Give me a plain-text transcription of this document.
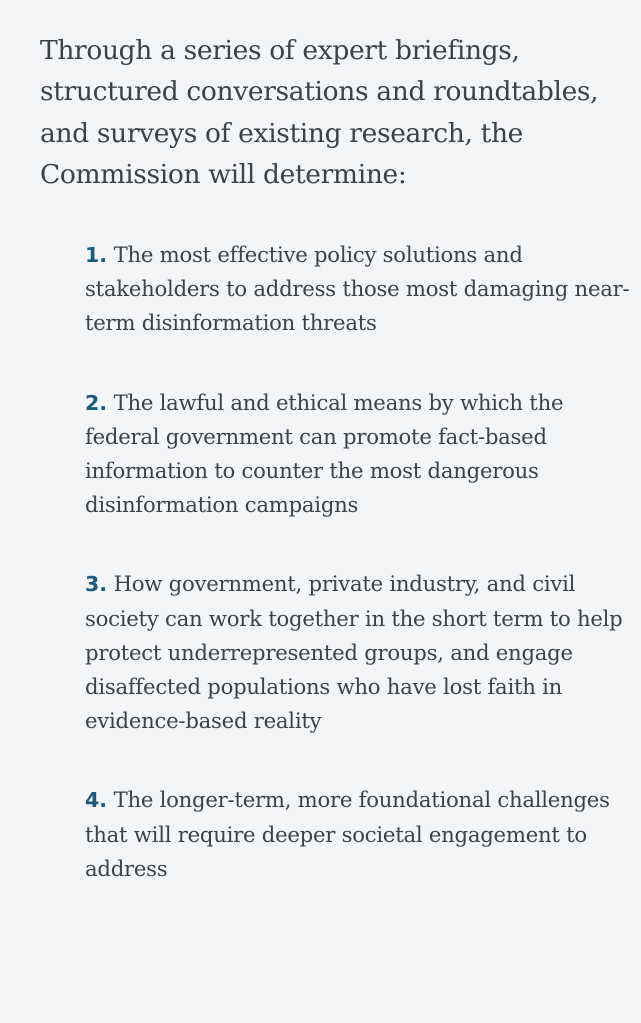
Through a series of expert briefings, structured conversations and roundtables, and surveys of existing research, the Commission will determine:

1. The most effective policy solutions and stakeholders to address those most damaging near-term disinformation threats
2. The lawful and ethical means by which the federal government can promote fact-based information to counter the most dangerous disinformation campaigns
3. How government, private industry, and civil society can work together in the short term to help protect underrepresented groups, and engage disaffected populations who have lost faith in evidence-based reality
4. The longer-term, more foundational challenges that will require deeper societal engagement to address
